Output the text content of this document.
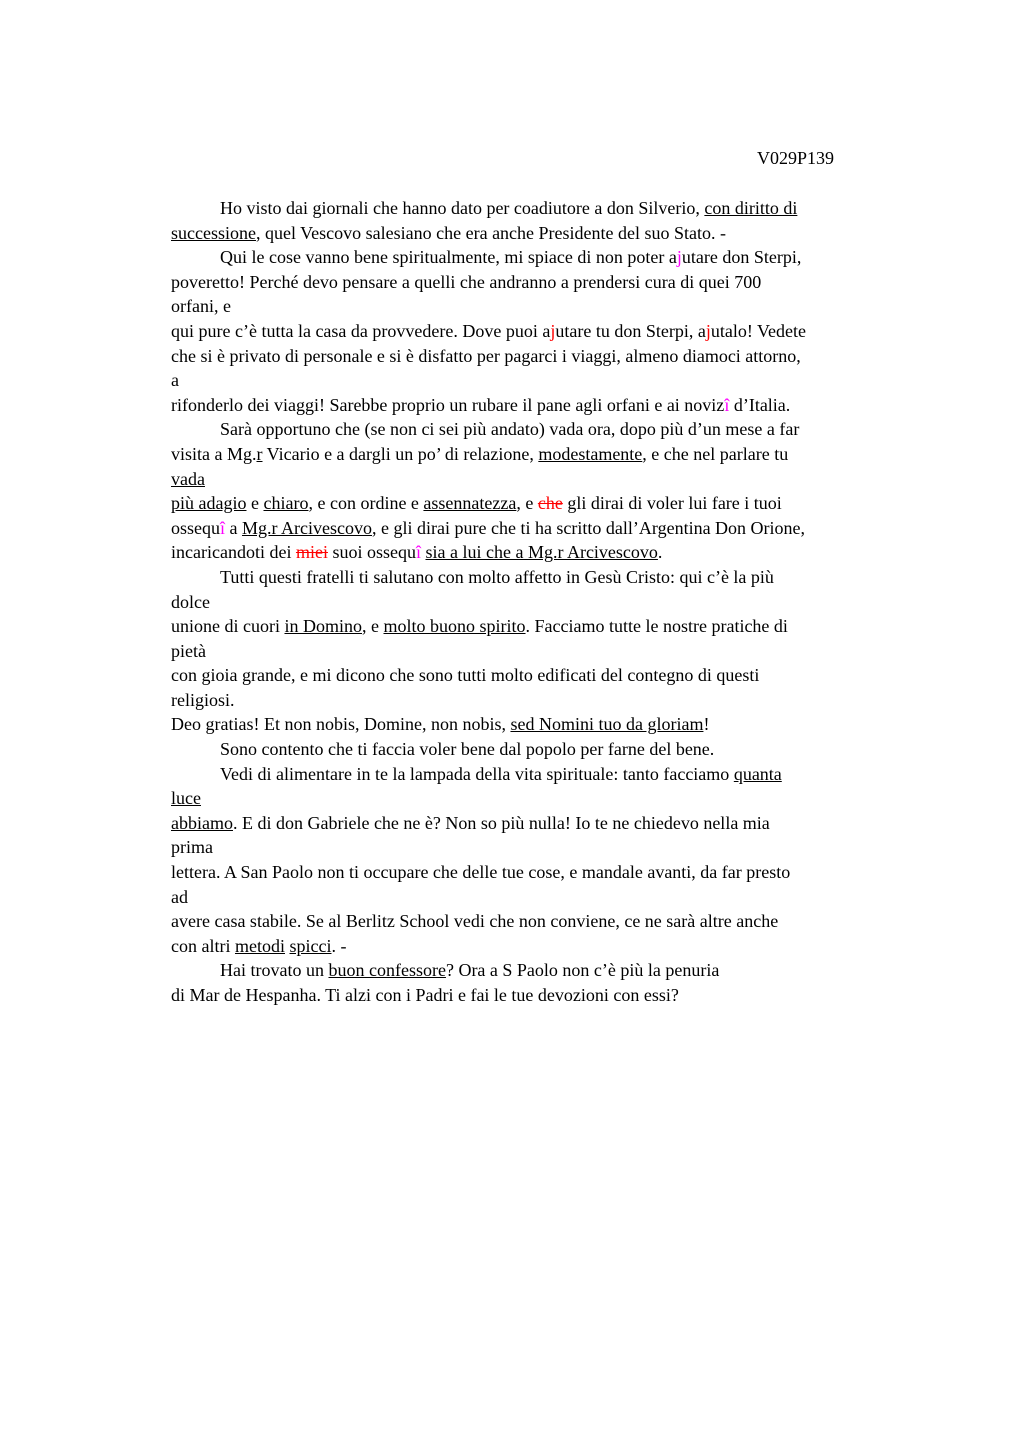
V029P139
Ho visto dai giornali che hanno dato per coadiutore a don Silverio, con diritto di
successione, quel Vescovo salesiano che era anche Presidente del suo Stato. -
Qui le cose vanno bene spiritualmente, mi spiace di non poter ajutare don Sterpi,
poveretto! Perché devo pensare a quelli che andranno a prendersi cura di quei 700
orfani, e
qui pure c’è tutta la casa da provvedere. Dove puoi ajutare tu don Sterpi, ajutalo! Vedete
che si è privato di personale e si è disfatto per pagarci i viaggi, almeno diamoci attorno,
a
rifonderlo dei viaggi! Sarebbe proprio un rubare il pane agli orfani e ai novizî d’Italia.
Sarà opportuno che (se non ci sei più andato) vada ora, dopo più d’un mese a far
visita a Mg.r Vicario e a dargli un po’ di relazione, modestamente, e che nel parlare tu
vada
più adagio e chiaro, e con ordine e assennatezza, e che gli dirai di voler lui fare i tuoi
ossequî a Mg.r Arcivescovo, e gli dirai pure che ti ha scritto dall’Argentina Don Orione,
incaricandoti dei miei suoi ossequî sia a lui che a Mg.r Arcivescovo.
Tutti questi fratelli ti salutano con molto affetto in Gesù Cristo: qui c’è la più
dolce
unione di cuori in Domino, e molto buono spirito. Facciamo tutte le nostre pratiche di
pietà
con gioia grande, e mi dicono che sono tutti molto edificati del contegno di questi
religiosi.
Deo gratias! Et non nobis, Domine, non nobis, sed Nomini tuo da gloriam!
Sono contento che ti faccia voler bene dal popolo per farne del bene.
Vedi di alimentare in te la lampada della vita spirituale: tanto facciamo quanta
luce
abbiamo. E di don Gabriele che ne è? Non so più nulla! Io te ne chiedevo nella mia
prima
lettera. A San Paolo non ti occupare che delle tue cose, e mandale avanti, da far presto
ad
avere casa stabile. Se al Berlitz School vedi che non conviene, ce ne sarà altre anche
con altri metodi spicci. -
Hai trovato un buon confessore? Ora a S Paolo non c’è più la penuria
di Mar de Hespanha. Ti alzi con i Padri e fai le tue devozioni con essi?
